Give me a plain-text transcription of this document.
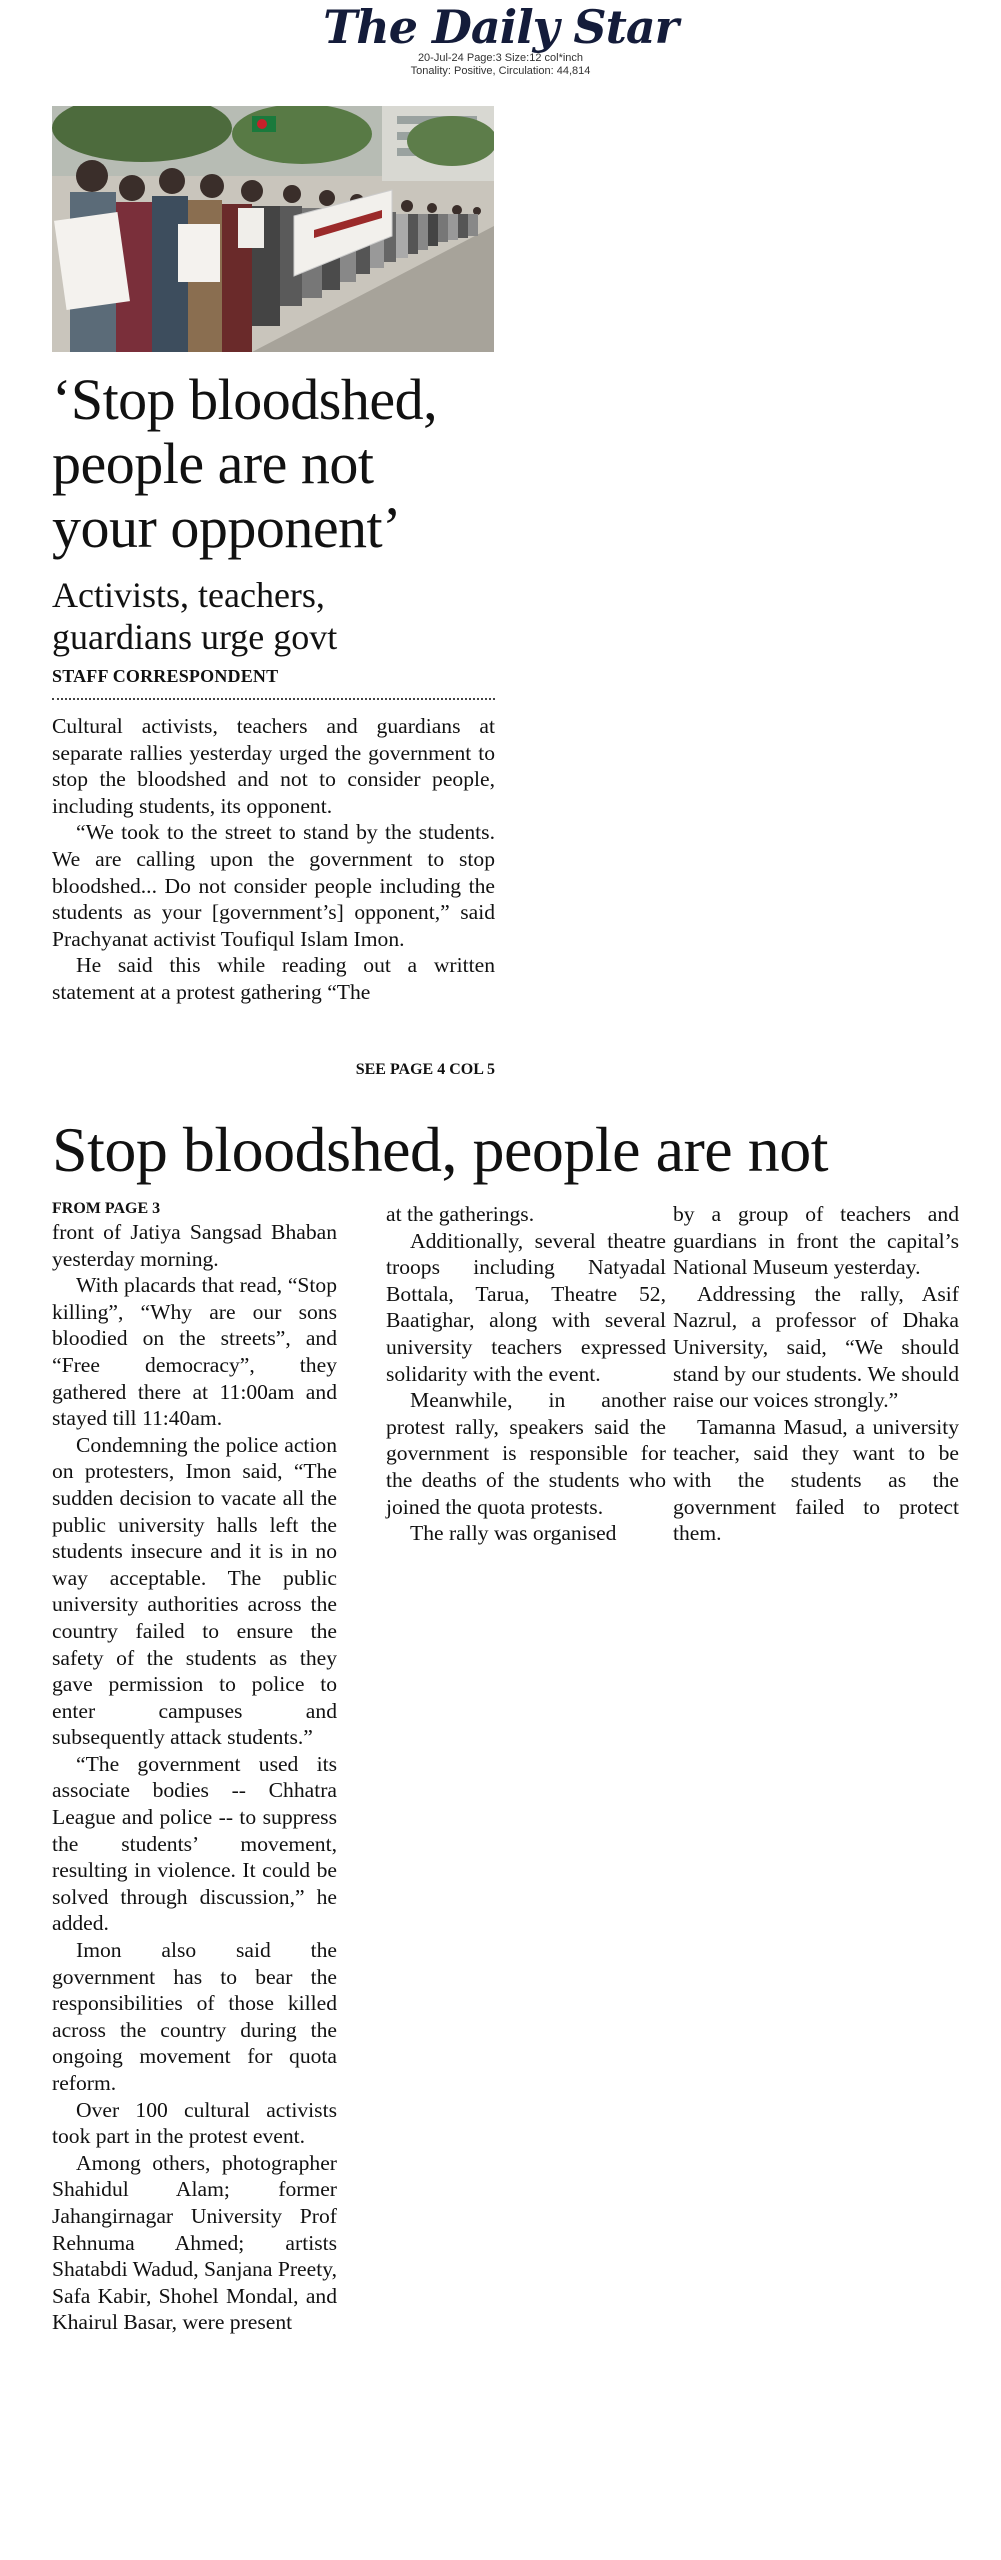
The Daily Star
20-Jul-24 Page:3 Size:12 col*inch
Tonality: Positive, Circulation: 44,814
‘Stop bloodshed,
people are not
your opponent’
Activists, teachers,
guardians urge govt
STAFF CORRESPONDENT

Cultural activists, teachers and guardians at separate rallies yesterday urged the government to stop the bloodshed and not to consider people, including students, its opponent.

“We took to the street to stand by the students. We are calling upon the government to stop bloodshed... Do not consider people including the students as your [government’s] opponent,” said Prachyanat activist Toufiqul Islam Imon.

He said this while reading out a written statement at a protest gathering “The

SEE PAGE 4 COL 5
Stop bloodshed, people are not
FROM PAGE 3

front of Jatiya Sangsad Bhaban yesterday morning.

With placards that read, “Stop killing”, “Why are our sons bloodied on the streets”, and “Free democracy”, they gathered there at 11:00am and stayed till 11:40am.

Condemning the police action on protesters, Imon said, “The sudden decision to vacate all the public university halls left the students insecure and it is in no way acceptable. The public university authorities across the country failed to ensure the safety of the students as they gave permission to police to enter campuses and subsequently attack students.”

“The government used its associate bodies -- Chhatra League and police -- to suppress the students’ movement, resulting in violence. It could be solved through discussion,” he added.

Imon also said the government has to bear the responsibilities of those killed across the country during the ongoing movement for quota reform.

Over 100 cultural activists took part in the protest event.

Among others, photographer Shahidul Alam; former Jahangirnagar University Prof Rehnuma Ahmed; artists Shatabdi Wadud, Sanjana Preety, Safa Kabir, Shohel Mondal, and Khairul Basar, were present

at the gatherings.

Additionally, several theatre troops including Natyadal Bottala, Tarua, Theatre 52, Baatighar, along with several university teachers expressed solidarity with the event.

Meanwhile, in another protest rally, speakers said the government is responsible for the deaths of the students who joined the quota protests.

The rally was organised

by a group of teachers and guardians in front the capital’s National Museum yesterday.

Addressing the rally, Asif Nazrul, a professor of Dhaka University, said, “We should stand by our students. We should raise our voices strongly.”

Tamanna Masud, a university teacher, said they want to be with the students as the government failed to protect them.
